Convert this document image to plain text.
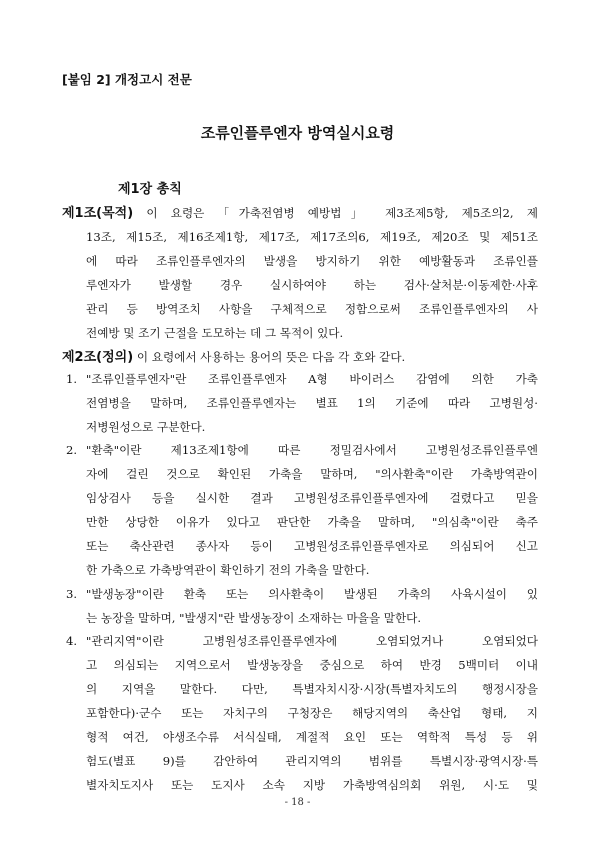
[붙임 2] 개정고시 전문
조류인플루엔자 방역실시요령
제1장 총칙
제1조(목적) 이 요령은 「가축전염병 예방법」 제3조제5항, 제5조의2, 제
13조, 제15조, 제16조제1항, 제17조, 제17조의6, 제19조, 제20조 및 제51조
에 따라 조류인플루엔자의 발생을 방지하기 위한 예방활동과 조류인플
루엔자가 발생할 경우 실시하여야 하는 검사·살처분·이동제한·사후
관리 등 방역조치 사항을 구체적으로 정함으로써 조류인플루엔자의 사
전예방 및 조기 근절을 도모하는 데 그 목적이 있다.
제2조(정의) 이 요령에서 사용하는 용어의 뜻은 다음 각 호와 같다.
1. "조류인플루엔자"란 조류인플루엔자 A형 바이러스 감염에 의한 가축
전염병을 말하며, 조류인플루엔자는 별표 1의 기준에 따라 고병원성·
저병원성으로 구분한다.
2. "환축"이란 제13조제1항에 따른 정밀검사에서 고병원성조류인플루엔
자에 걸린 것으로 확인된 가축을 말하며, "의사환축"이란 가축방역관이
임상검사 등을 실시한 결과 고병원성조류인플루엔자에 걸렸다고 믿을
만한 상당한 이유가 있다고 판단한 가축을 말하며, "의심축"이란 축주
또는 축산관련 종사자 등이 고병원성조류인플루엔자로 의심되어 신고
한 가축으로 가축방역관이 확인하기 전의 가축을 말한다.
3. "발생농장"이란 환축 또는 의사환축이 발생된 가축의 사육시설이 있
는 농장을 말하며, "발생지"란 발생농장이 소재하는 마을을 말한다.
4. "관리지역"이란 고병원성조류인플루엔자에 오염되었거나 오염되었다
고 의심되는 지역으로서 발생농장을 중심으로 하여 반경 5백미터 이내
의 지역을 말한다. 다만, 특별자치시장·시장(특별자치도의 행정시장을
포함한다)·군수 또는 자치구의 구청장은 해당지역의 축산업 형태, 지
형적 여건, 야생조수류 서식실태, 계절적 요인 또는 역학적 특성 등 위
험도(별표 9)를 감안하여 관리지역의 범위를 특별시장·광역시장·특
별자치도지사 또는 도지사 소속 지방 가축방역심의회 위원, 시·도 및
- 18 -
